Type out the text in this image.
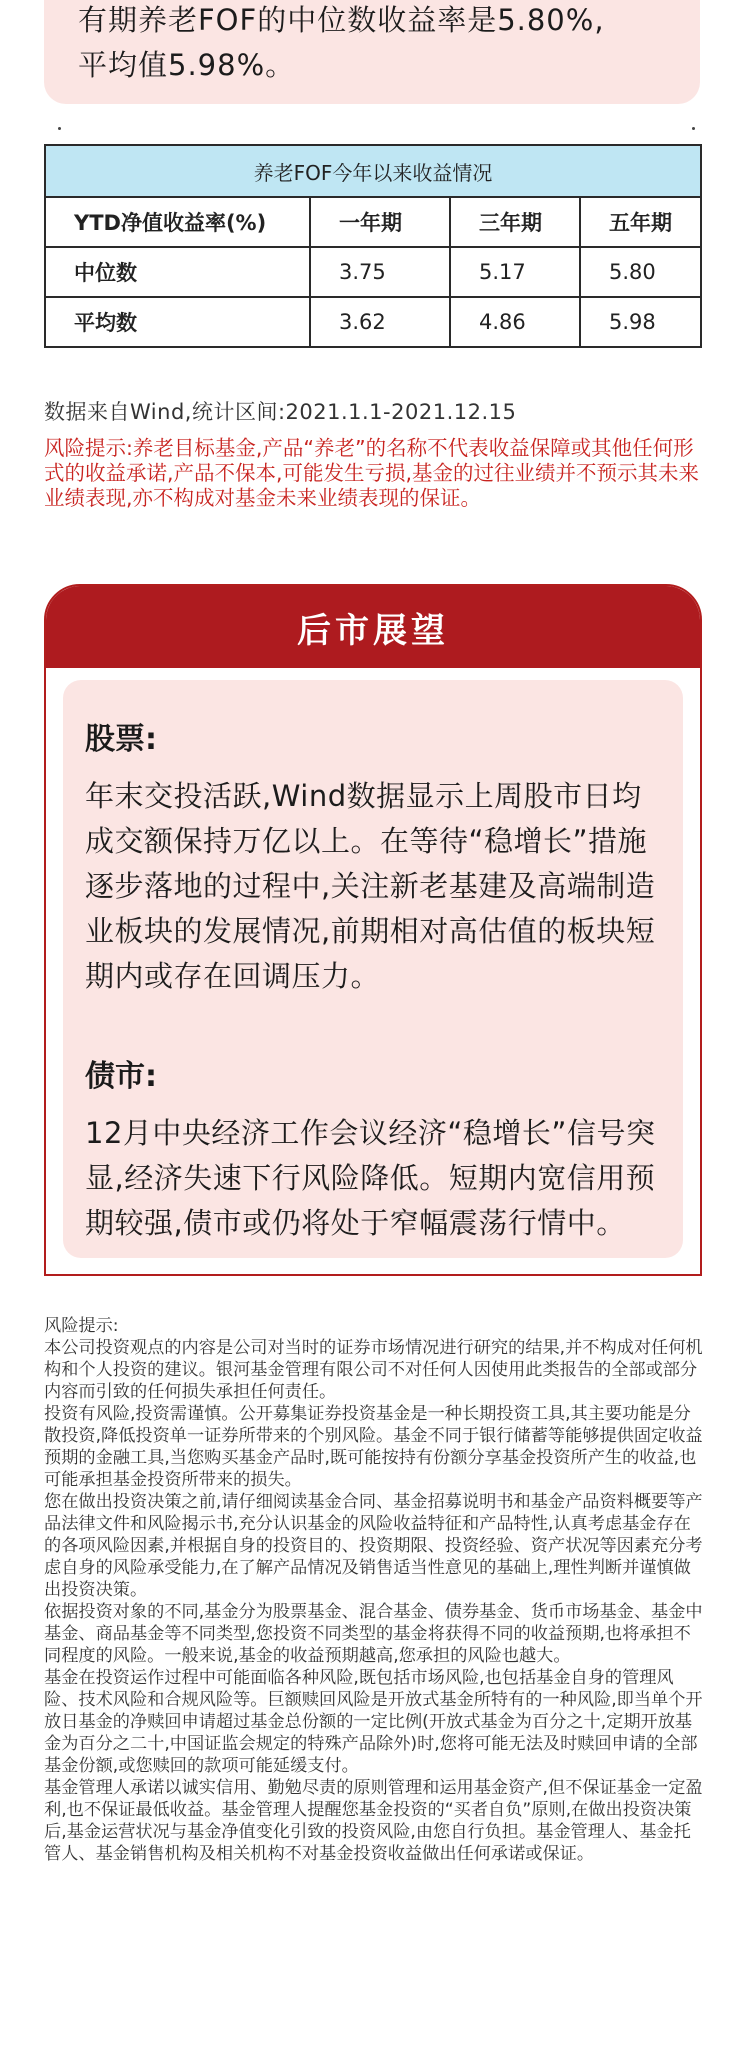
有期养老FOF的中位数收益率是5.80%,

平均值5.98%。

养老FOF今年以来收益情况			
YTD净值收益率(%)	一年期	三年期	五年期
中位数	3.75	5.17	5.80
平均数	3.62	4.86	5.98
数据来自Wind,统计区间:2021.1.1-2021.12.15
风险提示:养老目标基金,产品“养老”的名称不代表收益保障或其他任何形式的收益承诺,产品不保本,可能发生亏损,基金的过往业绩并不预示其未来业绩表现,亦不构成对基金未来业绩表现的保证。
后市展望

股票:

年末交投活跃,Wind数据显示上周股市日均成交额保持万亿以上。在等待“稳增长”措施逐步落地的过程中,关注新老基建及高端制造业板块的发展情况,前期相对高估值的板块短期内或存在回调压力。

债市:

12月中央经济工作会议经济“稳增长”信号突显,经济失速下行风险降低。短期内宽信用预期较强,债市或仍将处于窄幅震荡行情中。

风险提示:

本公司投资观点的内容是公司对当时的证券市场情况进行研究的结果,并不构成对任何机构和个人投资的建议。银河基金管理有限公司不对任何人因使用此类报告的全部或部分内容而引致的任何损失承担任何责任。

投资有风险,投资需谨慎。公开募集证券投资基金是一种长期投资工具,其主要功能是分散投资,降低投资单一证券所带来的个别风险。基金不同于银行储蓄等能够提供固定收益预期的金融工具,当您购买基金产品时,既可能按持有份额分享基金投资所产生的收益,也可能承担基金投资所带来的损失。

您在做出投资决策之前,请仔细阅读基金合同、基金招募说明书和基金产品资料概要等产品法律文件和风险揭示书,充分认识基金的风险收益特征和产品特性,认真考虑基金存在的各项风险因素,并根据自身的投资目的、投资期限、投资经验、资产状况等因素充分考虑自身的风险承受能力,在了解产品情况及销售适当性意见的基础上,理性判断并谨慎做出投资决策。

依据投资对象的不同,基金分为股票基金、混合基金、债券基金、货币市场基金、基金中基金、商品基金等不同类型,您投资不同类型的基金将获得不同的收益预期,也将承担不同程度的风险。一般来说,基金的收益预期越高,您承担的风险也越大。

基金在投资运作过程中可能面临各种风险,既包括市场风险,也包括基金自身的管理风险、技术风险和合规风险等。巨额赎回风险是开放式基金所特有的一种风险,即当单个开放日基金的净赎回申请超过基金总份额的一定比例(开放式基金为百分之十,定期开放基金为百分之二十,中国证监会规定的特殊产品除外)时,您将可能无法及时赎回申请的全部基金份额,或您赎回的款项可能延缓支付。

基金管理人承诺以诚实信用、勤勉尽责的原则管理和运用基金资产,但不保证基金一定盈利,也不保证最低收益。基金管理人提醒您基金投资的“买者自负”原则,在做出投资决策后,基金运营状况与基金净值变化引致的投资风险,由您自行负担。基金管理人、基金托管人、基金销售机构及相关机构不对基金投资收益做出任何承诺或保证。
